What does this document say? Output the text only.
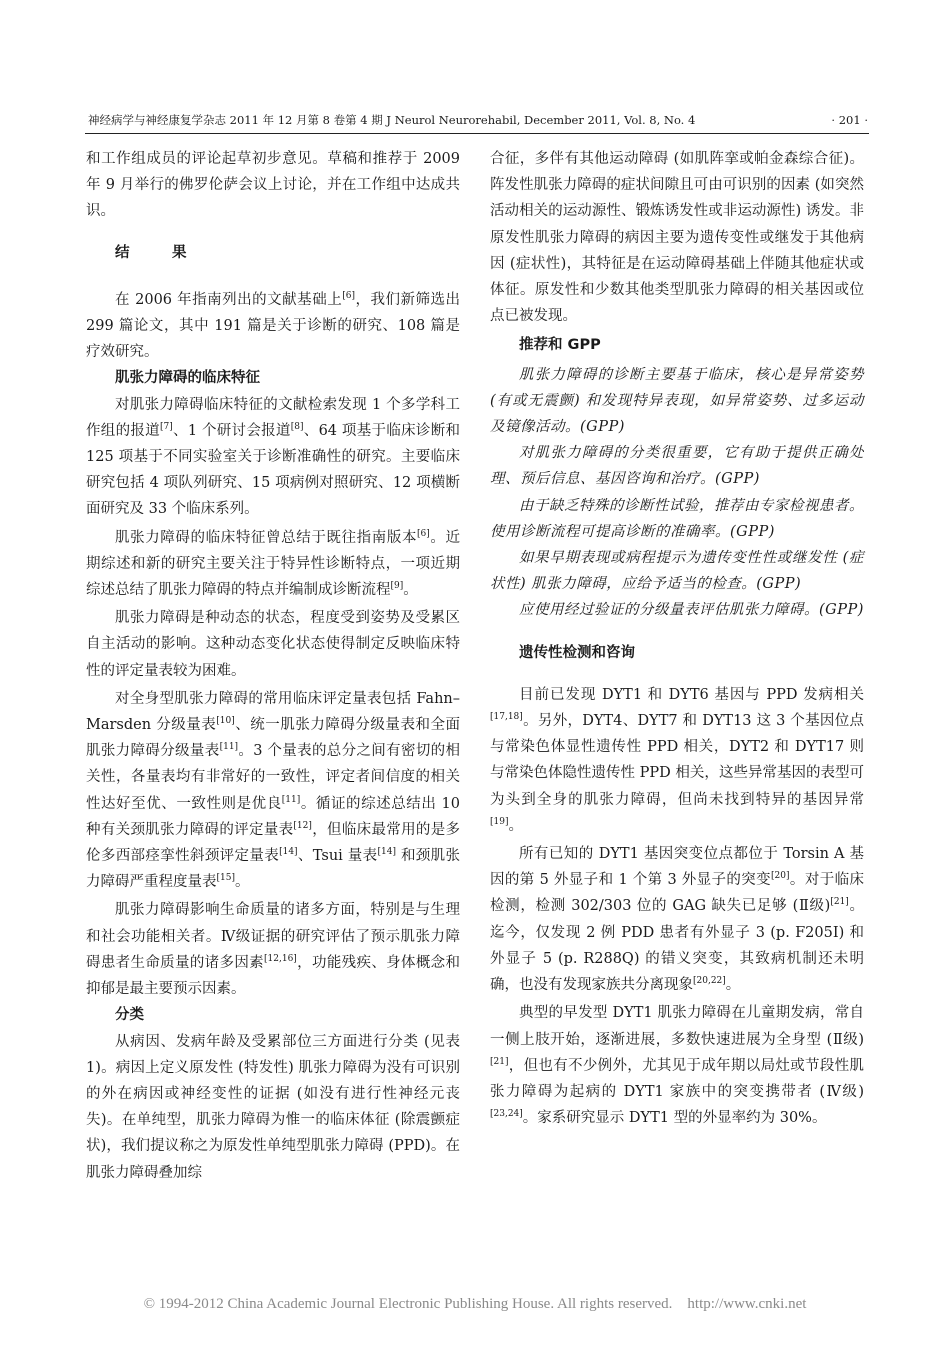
神经病学与神经康复学杂志 2011 年 12 月第 8 卷第 4 期 J Neurol Neurorehabil, December 2011, Vol. 8, No. 4	· 201 ·

和工作组成员的评论起草初步意见。草稿和推荐于 2009 年 9 月举行的佛罗伦萨会议上讨论，并在工作组中达成共识。

结　果

在 2006 年指南列出的文献基础上[6]，我们新筛选出 299 篇论文，其中 191 篇是关于诊断的研究、108 篇是疗效研究。

肌张力障碍的临床特征

对肌张力障碍临床特征的文献检索发现 1 个多学科工作组的报道[7]、1 个研讨会报道[8]、64 项基于临床诊断和 125 项基于不同实验室关于诊断准确性的研究。主要临床研究包括 4 项队列研究、15 项病例对照研究、12 项横断面研究及 33 个临床系列。

肌张力障碍的临床特征曾总结于既往指南版本[6]。近期综述和新的研究主要关注于特异性诊断特点，一项近期综述总结了肌张力障碍的特点并编制成诊断流程[9]。

肌张力障碍是种动态的状态，程度受到姿势及受累区自主活动的影响。这种动态变化状态使得制定反映临床特性的评定量表较为困难。

对全身型肌张力障碍的常用临床评定量表包括 Fahn–Marsden 分级量表[10]、统一肌张力障碍分级量表和全面肌张力障碍分级量表[11]。3 个量表的总分之间有密切的相关性，各量表均有非常好的一致性，评定者间信度的相关性达好至优、一致性则是优良[11]。循证的综述总结出 10 种有关颈肌张力障碍的评定量表[12]，但临床最常用的是多伦多西部痉挛性斜颈评定量表[14]、Tsui 量表[14] 和颈肌张力障碍严重程度量表[15]。

肌张力障碍影响生命质量的诸多方面，特别是与生理和社会功能相关者。Ⅳ级证据的研究评估了预示肌张力障碍患者生命质量的诸多因素[12,16]，功能残疾、身体概念和抑郁是最主要预示因素。

分类

从病因、发病年龄及受累部位三方面进行分类 (见表 1)。病因上定义原发性 (特发性) 肌张力障碍为没有可识别的外在病因或神经变性的证据 (如没有进行性神经元丧失)。在单纯型，肌张力障碍为惟一的临床体征 (除震颤症状)，我们提议称之为原发性单纯型肌张力障碍 (PPD)。在肌张力障碍叠加综

合征，多伴有其他运动障碍 (如肌阵挛或帕金森综合征)。阵发性肌张力障碍的症状间隙且可由可识别的因素 (如突然活动相关的运动源性、锻炼诱发性或非运动源性) 诱发。非原发性肌张力障碍的病因主要为遗传变性或继发于其他病因 (症状性)，其特征是在运动障碍基础上伴随其他症状或体征。原发性和少数其他类型肌张力障碍的相关基因或位点已被发现。

推荐和 GPP

肌张力障碍的诊断主要基于临床，核心是异常姿势 (有或无震颤) 和发现特异表现，如异常姿势、过多运动及镜像活动。(GPP)

对肌张力障碍的分类很重要，它有助于提供正确处理、预后信息、基因咨询和治疗。(GPP)

由于缺乏特殊的诊断性试验，推荐由专家检视患者。使用诊断流程可提高诊断的准确率。(GPP)

如果早期表现或病程提示为遗传变性性或继发性 (症状性) 肌张力障碍，应给予适当的检查。(GPP)

应使用经过验证的分级量表评估肌张力障碍。(GPP)

遗传性检测和咨询

目前已发现 DYT1 和 DYT6 基因与 PPD 发病相关[17,18]。另外，DYT4、DYT7 和 DYT13 这 3 个基因位点与常染色体显性遗传性 PPD 相关，DYT2 和 DYT17 则与常染色体隐性遗传性 PPD 相关，这些异常基因的表型可为头到全身的肌张力障碍，但尚未找到特异的基因异常[19]。

所有已知的 DYT1 基因突变位点都位于 Torsin A 基因的第 5 外显子和 1 个第 3 外显子的突变[20]。对于临床检测，检测 302/303 位的 GAG 缺失已足够 (Ⅱ级)[21]。迄今，仅发现 2 例 PDD 患者有外显子 3 (p. F205I) 和外显子 5 (p. R288Q) 的错义突变，其致病机制还未明确，也没有发现家族共分离现象[20,22]。

典型的早发型 DYT1 肌张力障碍在儿童期发病，常自一侧上肢开始，逐渐进展，多数快速进展为全身型 (Ⅱ级)[21]，但也有不少例外，尤其见于成年期以局灶或节段性肌张力障碍为起病的 DYT1 家族中的突变携带者 (Ⅳ级)[23,24]。家系研究显示 DYT1 型的外显率约为 30%。

© 1994-2012 China Academic Journal Electronic Publishing House. All rights reserved.    http://www.cnki.net
